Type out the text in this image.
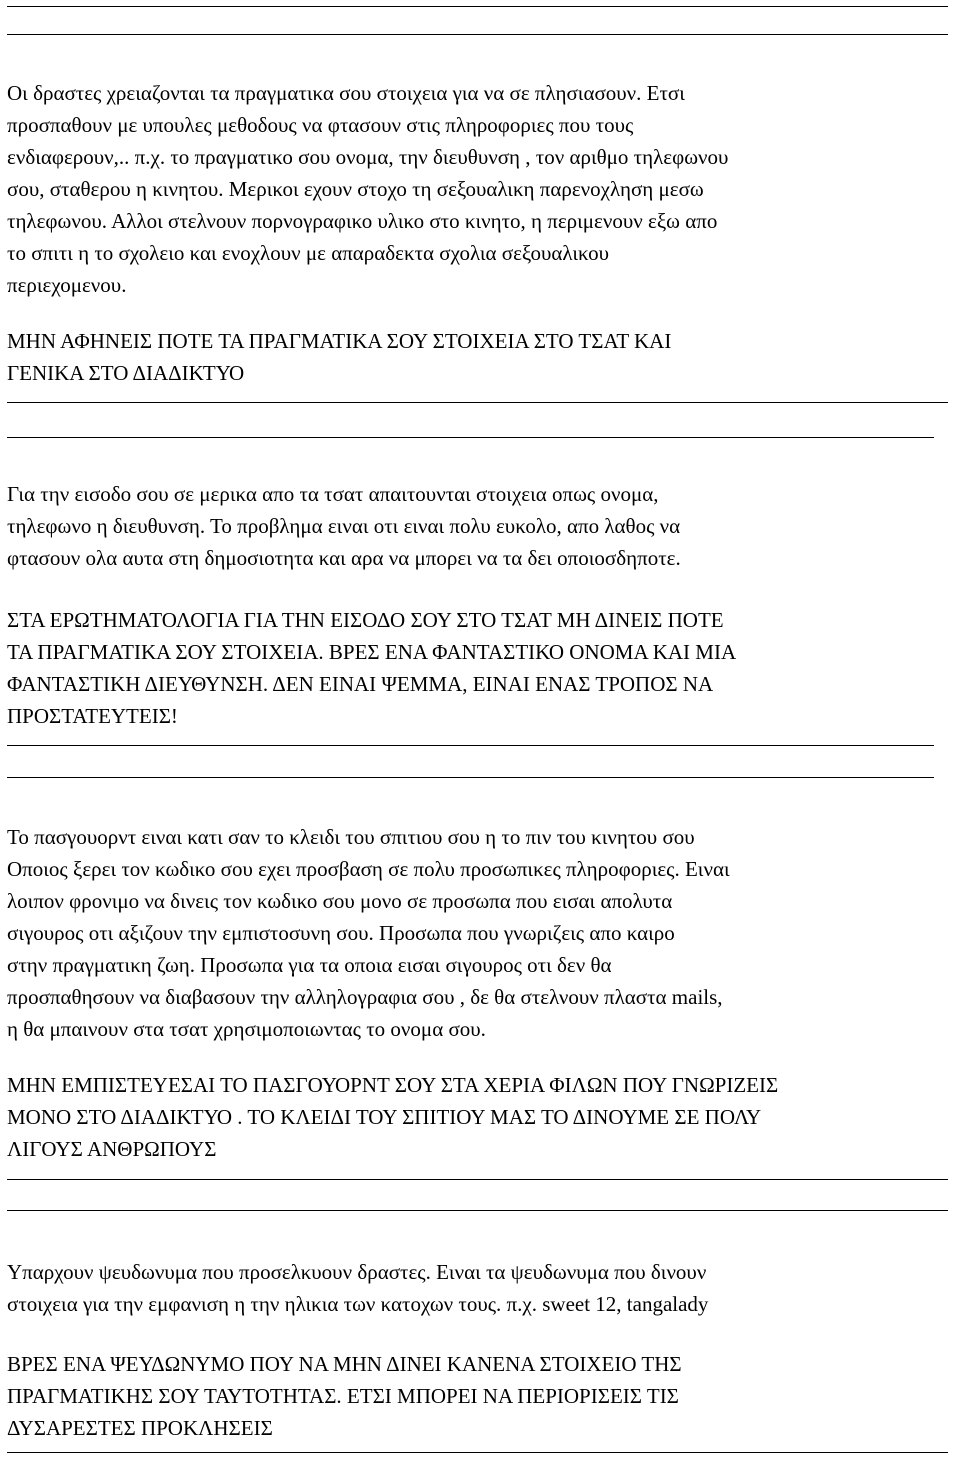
Οι δραστες χρειαζονται τα πραγματικα σου στοιχεια για να σε πλησιασουν. Ετσι
προσπαθουν με υπουλες μεθοδους να φτασουν στις πληροφοριες που τους
ενδιαφερουν,.. π.χ. το πραγματικο σου ονομα, την διευθυνση , τον αριθμο τηλεφωνου
σου, σταθερου η κινητου. Μερικοι εχουν στοχο τη σεξουαλικη παρενοχληση μεσω
τηλεφωνου. Αλλοι στελνουν πορνογραφικο υλικο στο κινητο, η περιμενουν εξω απο
το σπιτι η το σχολειο και ενοχλουν με απαραδεκτα σχολια σεξουαλικου
περιεχομενου.
ΜΗΝ ΑΦΗΝΕΙΣ ΠΟΤΕ ΤΑ ΠΡΑΓΜΑΤΙΚΑ ΣΟΥ ΣΤΟΙΧΕΙΑ ΣΤΟ ΤΣΑΤ ΚΑΙ
ΓΕΝΙΚΑ ΣΤΟ ΔΙΑΔΙΚΤΥΟ
Για την εισοδο σου σε μερικα απο τα τσατ απαιτουνται στοιχεια οπως ονομα,
τηλεφωνο η διευθυνση. Το προβλημα ειναι οτι ειναι πολυ ευκολο, απο λαθος να
φτασουν ολα αυτα στη δημοσιοτητα και αρα να μπορει να τα δει οποιοσδηποτε.
ΣΤΑ ΕΡΩΤΗΜΑΤΟΛΟΓΙΑ ΓΙΑ ΤΗΝ ΕΙΣΟΔΟ ΣΟΥ ΣΤΟ ΤΣΑΤ ΜΗ ΔΙΝΕΙΣ ΠΟΤΕ
ΤΑ ΠΡΑΓΜΑΤΙΚΑ ΣΟΥ ΣΤΟΙΧΕΙΑ. ΒΡΕΣ ΕΝΑ ΦΑΝΤΑΣΤΙΚΟ ΟΝΟΜΑ ΚΑΙ ΜΙΑ
ΦΑΝΤΑΣΤΙΚΗ ΔΙΕΥΘΥΝΣΗ. ΔΕΝ ΕΙΝΑΙ ΨΕΜΜΑ, ΕΙΝΑΙ ΕΝΑΣ ΤΡΟΠΟΣ ΝΑ
ΠΡΟΣΤΑΤΕΥΤΕΙΣ!
Το πασγουορντ ειναι κατι σαν το κλειδι του σπιτιου σου η το πιν του κινητου σου
Οποιος ξερει τον κωδικο σου εχει προσβαση σε πολυ προσωπικες πληροφοριες. Ειναι
λοιπον φρονιμο να δινεις τον κωδικο σου μονο σε προσωπα που εισαι απολυτα
σιγουρος οτι αξιζουν την εμπιστοσυνη σου. Προσωπα που γνωριζεις απο καιρο
στην πραγματικη ζωη. Προσωπα για τα οποια εισαι σιγουρος οτι δεν θα
προσπαθησουν να διαβασουν την αλληλογραφια σου , δε θα στελνουν πλαστα mails,
η θα μπαινουν στα τσατ χρησιμοποιωντας το ονομα σου.
ΜΗΝ ΕΜΠΙΣΤΕΥΕΣΑΙ ΤΟ ΠΑΣΓΟΥΟΡΝΤ ΣΟΥ ΣΤΑ ΧΕΡΙΑ ΦΙΛΩΝ ΠΟΥ ΓΝΩΡΙΖΕΙΣ
ΜΟΝΟ ΣΤΟ ΔΙΑΔΙΚΤΥΟ . ΤΟ ΚΛΕΙΔΙ ΤΟΥ ΣΠΙΤΙΟΥ ΜΑΣ ΤΟ ΔΙΝΟΥΜΕ ΣΕ ΠΟΛΥ
ΛΙΓΟΥΣ ΑΝΘΡΩΠΟΥΣ
Υπαρχουν ψευδωνυμα που προσελκυουν δραστες. Ειναι τα ψευδωνυμα που δινουν
στοιχεια για την εμφανιση η την ηλικια των κατοχων τους. π.χ. sweet 12, tangalady
ΒΡΕΣ ΕΝΑ ΨΕΥΔΩΝΥΜΟ ΠΟΥ ΝΑ ΜΗΝ ΔΙΝΕΙ ΚΑΝΕΝΑ ΣΤΟΙΧΕΙΟ ΤΗΣ
ΠΡΑΓΜΑΤΙΚΗΣ ΣΟΥ ΤΑΥΤΟΤΗΤΑΣ. ΕΤΣΙ ΜΠΟΡΕΙ ΝΑ ΠΕΡΙΟΡΙΣΕΙΣ ΤΙΣ
ΔΥΣΑΡΕΣΤΕΣ ΠΡΟΚΛΗΣΕΙΣ
